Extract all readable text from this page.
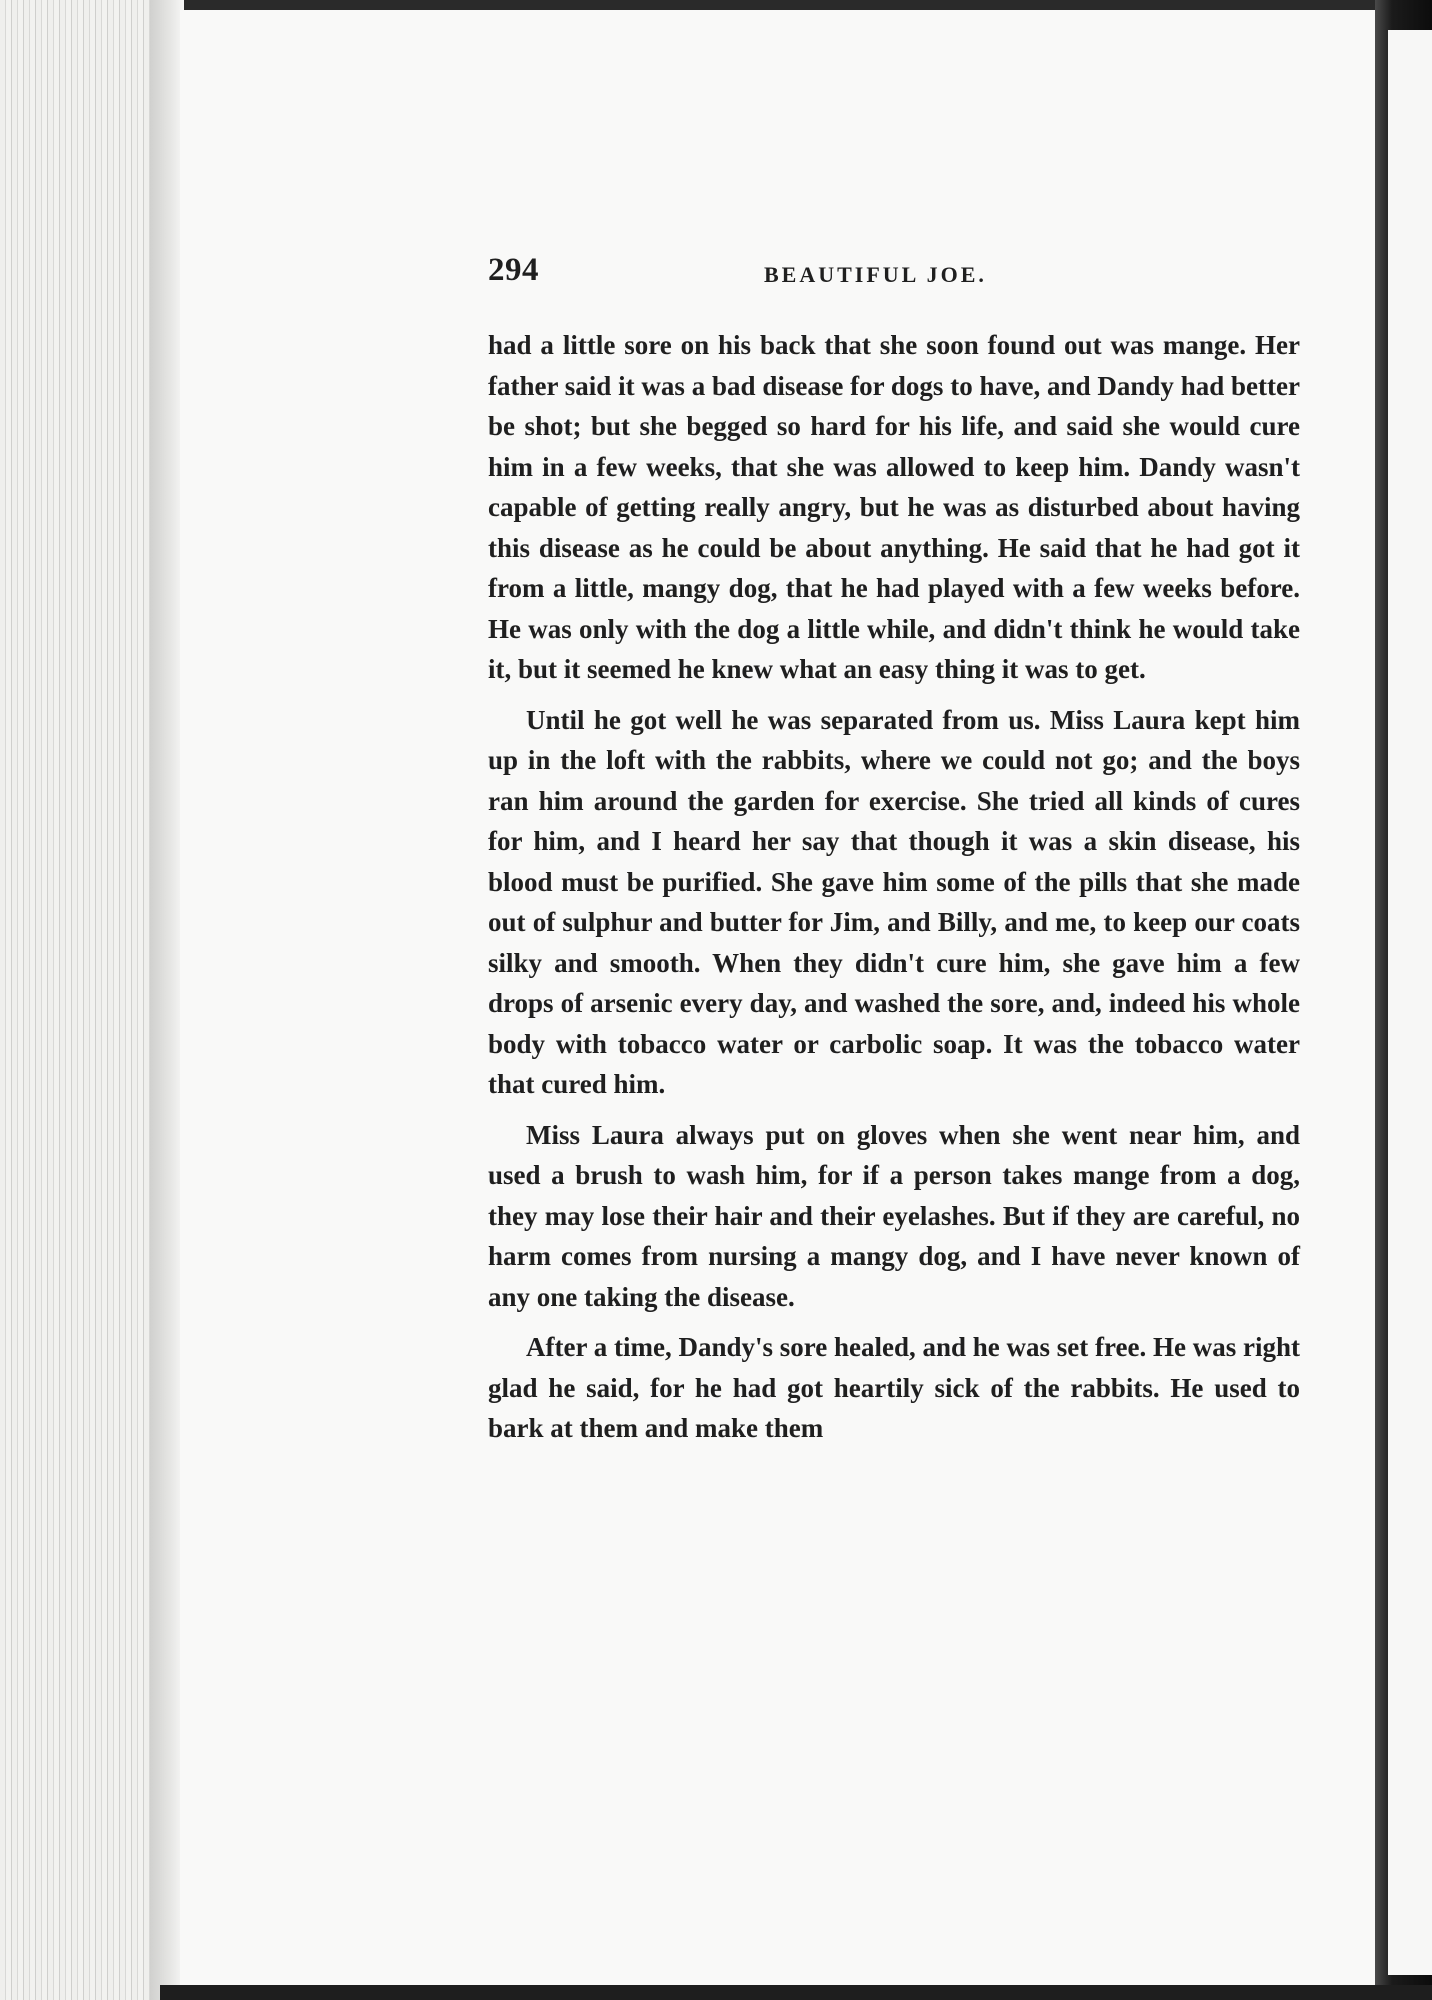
294	BEAUTIFUL JOE.

had a little sore on his back that she soon found out was mange. Her father said it was a bad disease for dogs to have, and Dandy had better be shot; but she begged so hard for his life, and said she would cure him in a few weeks, that she was allowed to keep him. Dandy wasn't capable of getting really angry, but he was as disturbed about having this disease as he could be about anything. He said that he had got it from a little, mangy dog, that he had played with a few weeks before. He was only with the dog a little while, and didn't think he would take it, but it seemed he knew what an easy thing it was to get.

Until he got well he was separated from us. Miss Laura kept him up in the loft with the rabbits, where we could not go; and the boys ran him around the garden for exercise. She tried all kinds of cures for him, and I heard her say that though it was a skin disease, his blood must be purified. She gave him some of the pills that she made out of sulphur and butter for Jim, and Billy, and me, to keep our coats silky and smooth. When they didn't cure him, she gave him a few drops of arsenic every day, and washed the sore, and, indeed his whole body with tobacco water or carbolic soap. It was the tobacco water that cured him.

Miss Laura always put on gloves when she went near him, and used a brush to wash him, for if a person takes mange from a dog, they may lose their hair and their eyelashes. But if they are careful, no harm comes from nursing a mangy dog, and I have never known of any one taking the disease.

After a time, Dandy's sore healed, and he was set free. He was right glad he said, for he had got heartily sick of the rabbits. He used to bark at them and make them
